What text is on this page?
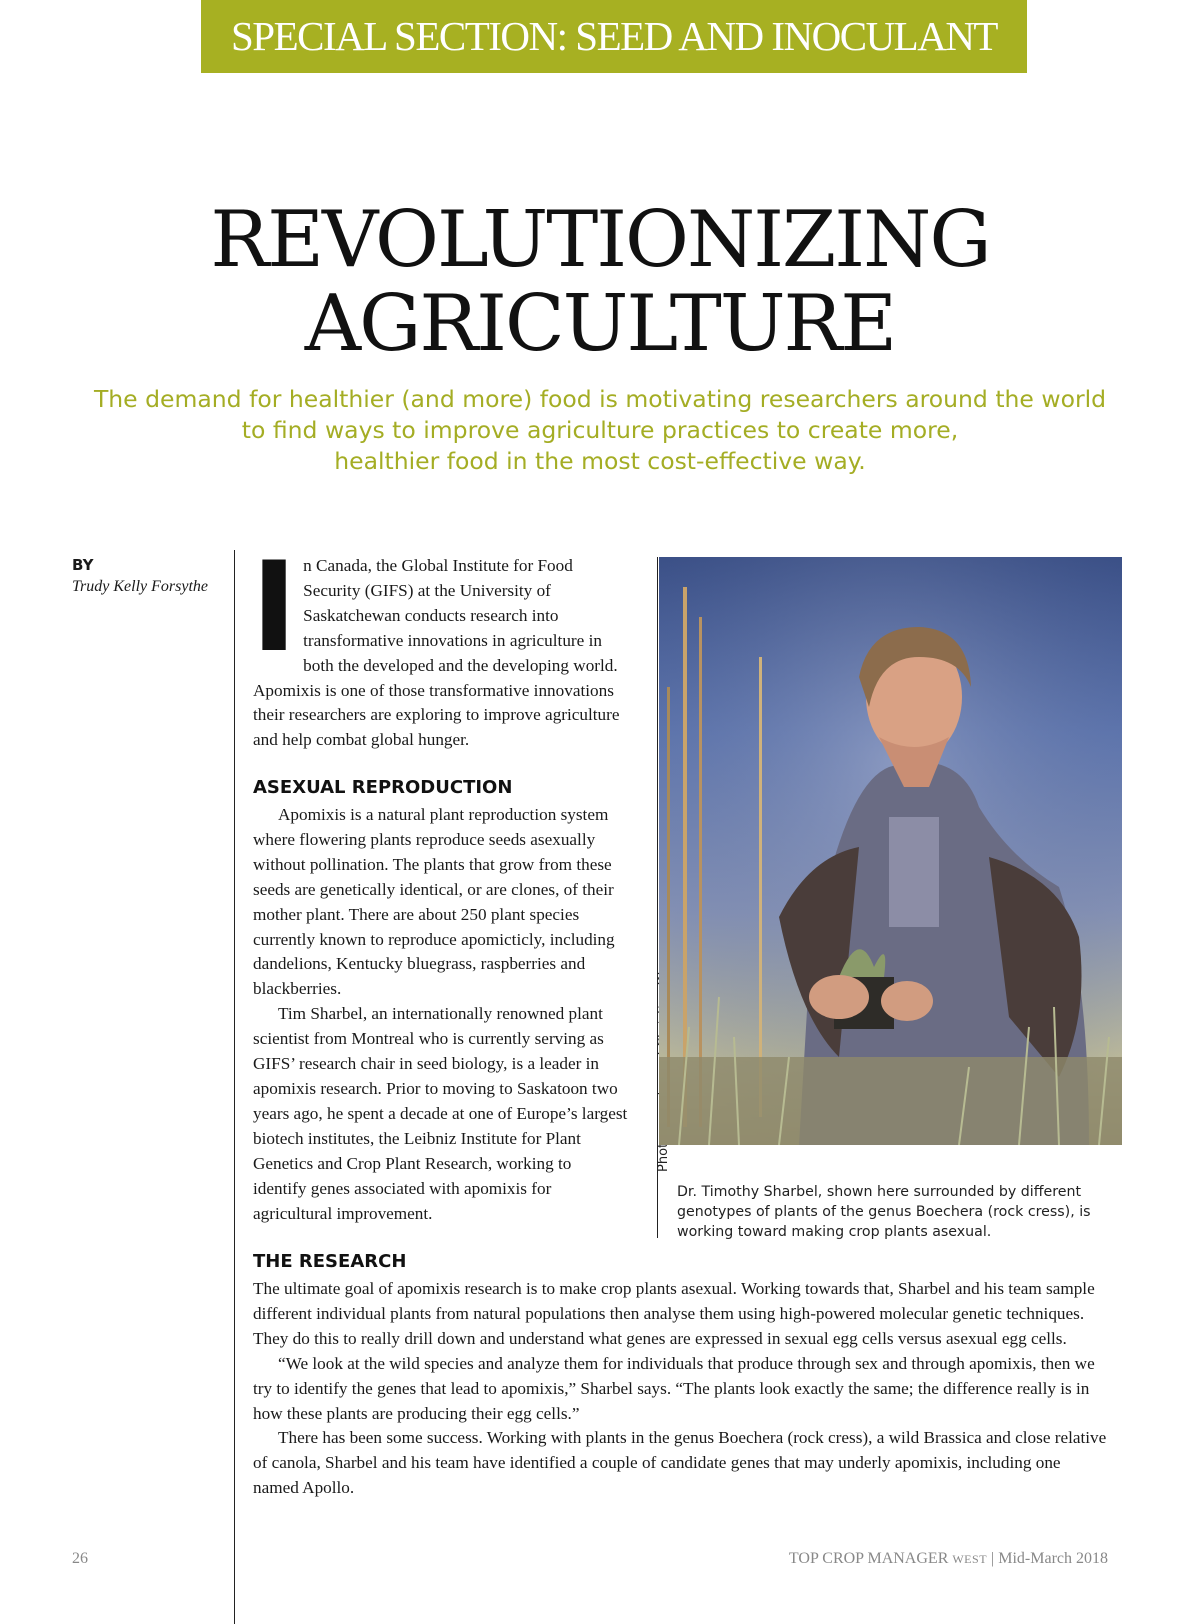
SPECIAL SECTION: SEED AND INOCULANT
REVOLUTIONIZING
AGRICULTURE
The demand for healthier (and more) food is motivating researchers around the world
to find ways to improve agriculture practices to create more,
healthier food in the most cost-effective way.
BY
Trudy Kelly Forsythe In Canada, the Global Institute for Food Security (GIFS) at the University of Saskatchewan conducts research into transformative innovations in agriculture in both the developed and the developing world. Apomixis is one of those transformative innovations their researchers are exploring to improve agriculture and help combat global hunger.
ASEXUAL REPRODUCTION

Apomixis is a natural plant reproduction system where flowering plants reproduce seeds asexually without pollination. The plants that grow from these seeds are genetically identical, or are clones, of their mother plant. There are about 250 plant species currently known to reproduce apomicticly, including dandelions, Kentucky bluegrass, raspberries and blackberries.

Tim Sharbel, an internationally renowned plant scientist from Montreal who is currently serving as GIFS’ research chair in seed biology, is a leader in apomixis research. Prior to moving to Saskatoon two years ago, he spent a decade at one of Europe’s largest biotech institutes, the Leibniz Institute for Plant Genetics and Crop Plant Research, working to identify genes associated with apomixis for agricultural improvement.

Photos
Dr. Timothy Sharbel, shown here surrounded by different genotypes of plants of the genus Boechera (rock cress), is working toward making crop plants asexual.
THE RESEARCH

The ultimate goal of apomixis research is to make crop plants asexual. Working towards that, Sharbel and his team sample different individual plants from natural populations then analyse them using high-powered molecular genetic techniques. They do this to really drill down and understand what genes are expressed in sexual egg cells versus asexual egg cells.

“We look at the wild species and analyze them for individuals that produce through sex and through apomixis, then we try to identify the genes that lead to apomixis,” Sharbel says. “The plants look exactly the same; the difference really is in how these plants are producing their egg cells.”

There has been some success. Working with plants in the genus Boechera (rock cress), a wild Brassica and close relative of canola, Sharbel and his team have identified a couple of candidate genes that may underly apomixis, including one named Apollo.

26	TOP CROP MANAGER WEST | Mid-March 2018
